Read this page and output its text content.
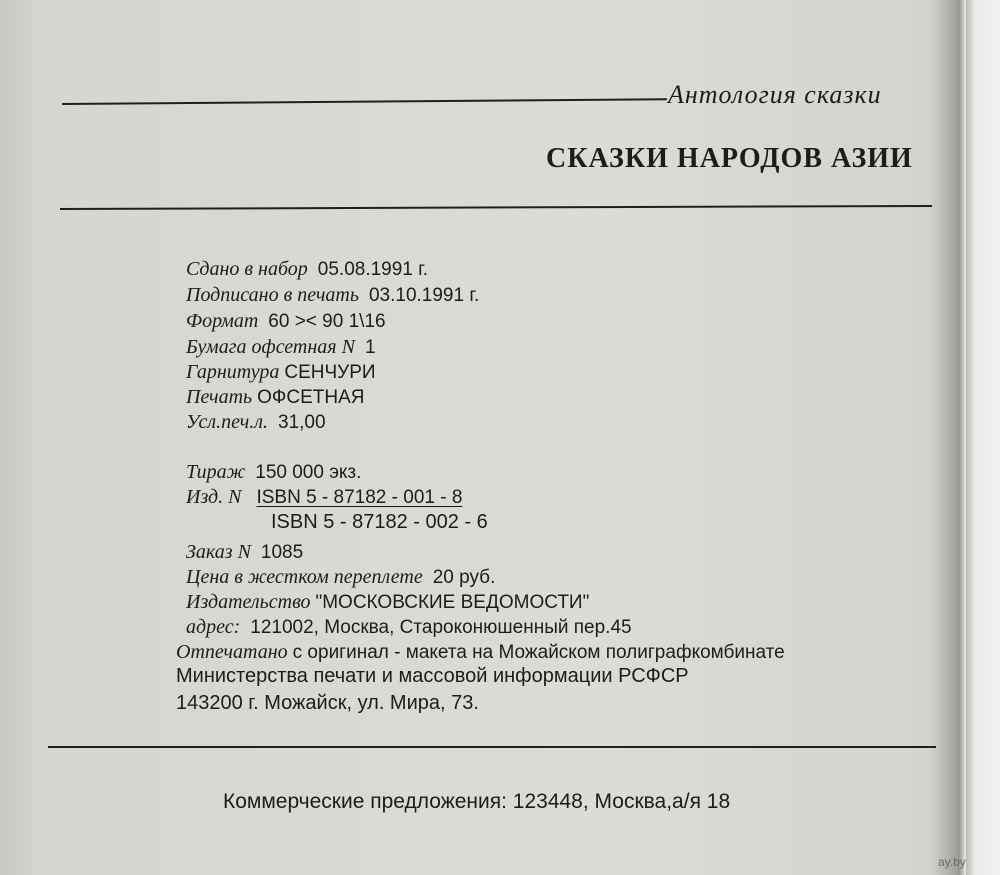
Антология сказки
СКАЗКИ НАРОДОВ АЗИИ
Сдано в набор 05.08.1991 г.
Подписано в печать 03.10.1991 г.
Формат 60 >< 90 1\16
Бумага офсетная N 1
Гарнитура СЕНЧУРИ
Печать ОФСЕТНАЯ
Усл.печ.л. 31,00
Тираж 150 000 экз.
Изд. N ISBN 5 - 87182 - 001 - 8
ISBN 5 - 87182 - 002 - 6
Заказ N 1085
Цена в жестком переплете 20 руб.
Издательство "МОСКОВСКИЕ ВЕДОМОСТИ"
адрес: 121002, Москва, Староконюшенный пер.45
Отпечатано с оригинал - макета на Можайском полиграфкомбинате
Министерства печати и массовой информации РСФСР
143200 г. Можайск, ул. Мира, 73.
Коммерческие предложения: 123448, Москва,а/я 18
ay.by
